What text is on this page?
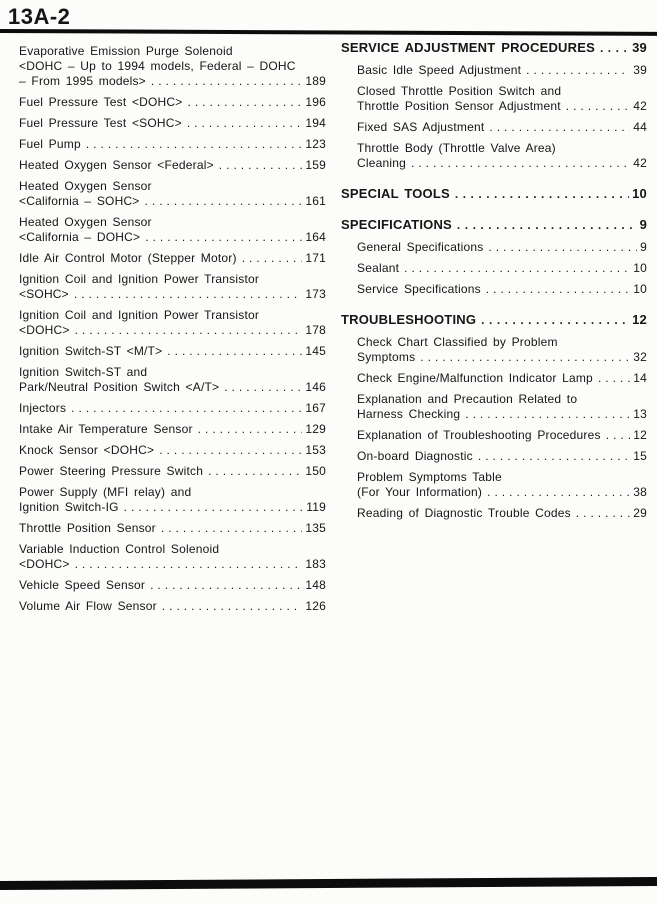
13A-2
Evaporative Emission Purge Solenoid
<DOHC – Up to 1994 models, Federal – DOHC
– From 1995 models> .....	189
Fuel Pressure Test <DOHC> .....	196
Fuel Pressure Test <SOHC> .....	194
Fuel Pump .....	123
Heated Oxygen Sensor <Federal> .....	159
Heated Oxygen Sensor
<California – SOHC> .....	161
Heated Oxygen Sensor
<California – DOHC> .....	164
Idle Air Control Motor (Stepper Motor) .....	171
Ignition Coil and Ignition Power Transistor
<SOHC> .....	173
Ignition Coil and Ignition Power Transistor
<DOHC> .....	178
Ignition Switch-ST <M/T> .....	145
Ignition Switch-ST and
Park/Neutral Position Switch <A/T> .....	146
Injectors .....	167
Intake Air Temperature Sensor .....	129
Knock Sensor <DOHC> .....	153
Power Steering Pressure Switch .....	150
Power Supply (MFI relay) and
Ignition Switch-IG .....	119
Throttle Position Sensor .....	135
Variable Induction Control Solenoid
<DOHC> .....	183
Vehicle Speed Sensor .....	148
Volume Air Flow Sensor .....	126
SERVICE ADJUSTMENT PROCEDURES .....	39
Basic Idle Speed Adjustment .....	39
Closed Throttle Position Switch and
Throttle Position Sensor Adjustment .....	42
Fixed SAS Adjustment .....	44
Throttle Body (Throttle Valve Area)
Cleaning .....	42
SPECIAL TOOLS .....	10
SPECIFICATIONS .....	9
General Specifications .....	9
Sealant .....	10
Service Specifications .....	10
TROUBLESHOOTING .....	12
Check Chart Classified by Problem
Symptoms .....	32
Check Engine/Malfunction Indicator Lamp .....	14
Explanation and Precaution Related to
Harness Checking .....	13
Explanation of Troubleshooting Procedures .....	12
On-board Diagnostic .....	15
Problem Symptoms Table
(For Your Information) .....	38
Reading of Diagnostic Trouble Codes .....	29
